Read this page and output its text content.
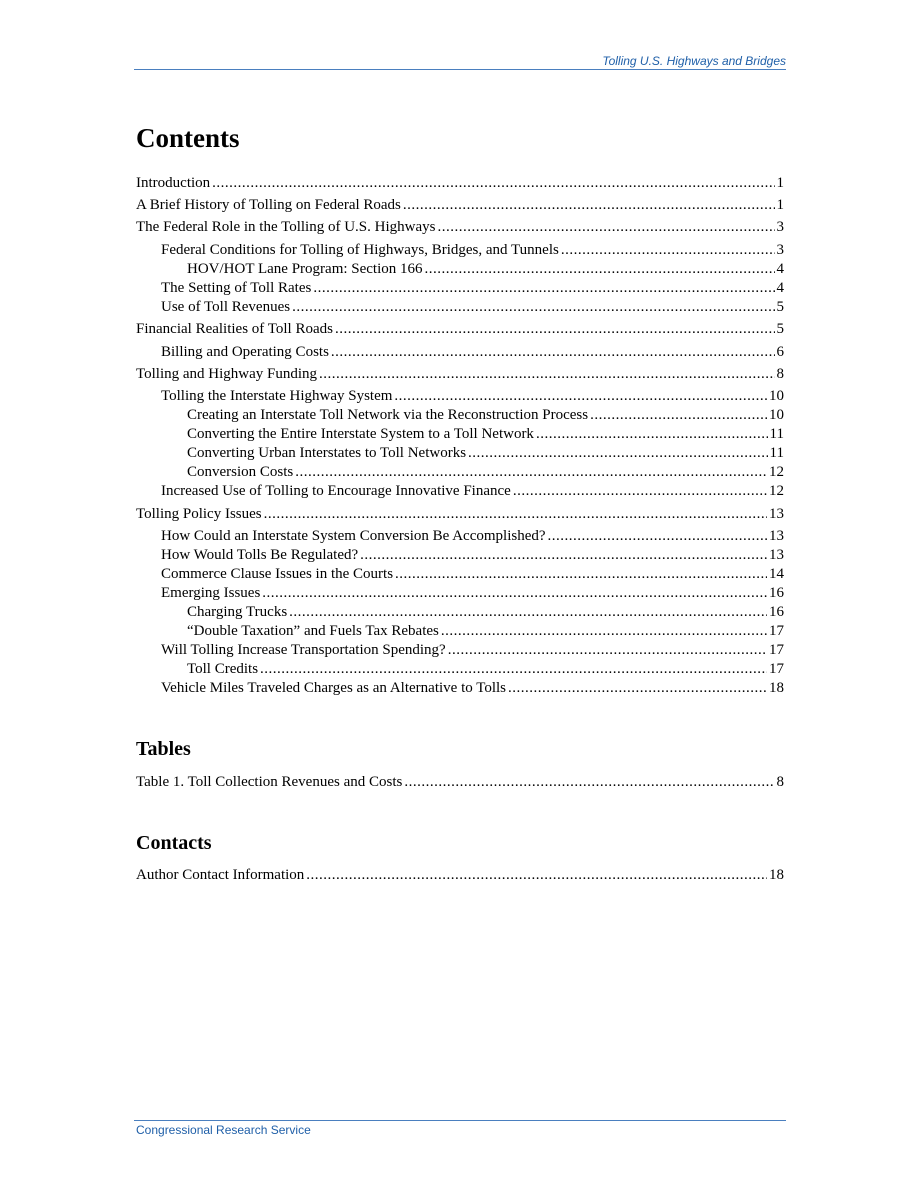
Tolling U.S. Highways and Bridges
Contents
Introduction .....	1
A Brief History of Tolling on Federal Roads .....	1
The Federal Role in the Tolling of U.S. Highways .....	3
Federal Conditions for Tolling of Highways, Bridges, and Tunnels .....	3
HOV/HOT Lane Program: Section 166 .....	4
The Setting of Toll Rates .....	4
Use of Toll Revenues .....	5
Financial Realities of Toll Roads .....	5
Billing and Operating Costs .....	6
Tolling and Highway Funding .....	8
Tolling the Interstate Highway System .....	10
Creating an Interstate Toll Network via the Reconstruction Process .....	10
Converting the Entire Interstate System to a Toll Network .....	11
Converting Urban Interstates to Toll Networks .....	11
Conversion Costs .....	12
Increased Use of Tolling to Encourage Innovative Finance .....	12
Tolling Policy Issues .....	13
How Could an Interstate System Conversion Be Accomplished? .....	13
How Would Tolls Be Regulated? .....	13
Commerce Clause Issues in the Courts .....	14
Emerging Issues .....	16
Charging Trucks .....	16
“Double Taxation” and Fuels Tax Rebates .....	17
Will Tolling Increase Transportation Spending? .....	17
Toll Credits .....	17
Vehicle Miles Traveled Charges as an Alternative to Tolls .....	18
Tables
Table 1. Toll Collection Revenues and Costs .....	8
Contacts
Author Contact Information .....	18
Congressional Research Service
